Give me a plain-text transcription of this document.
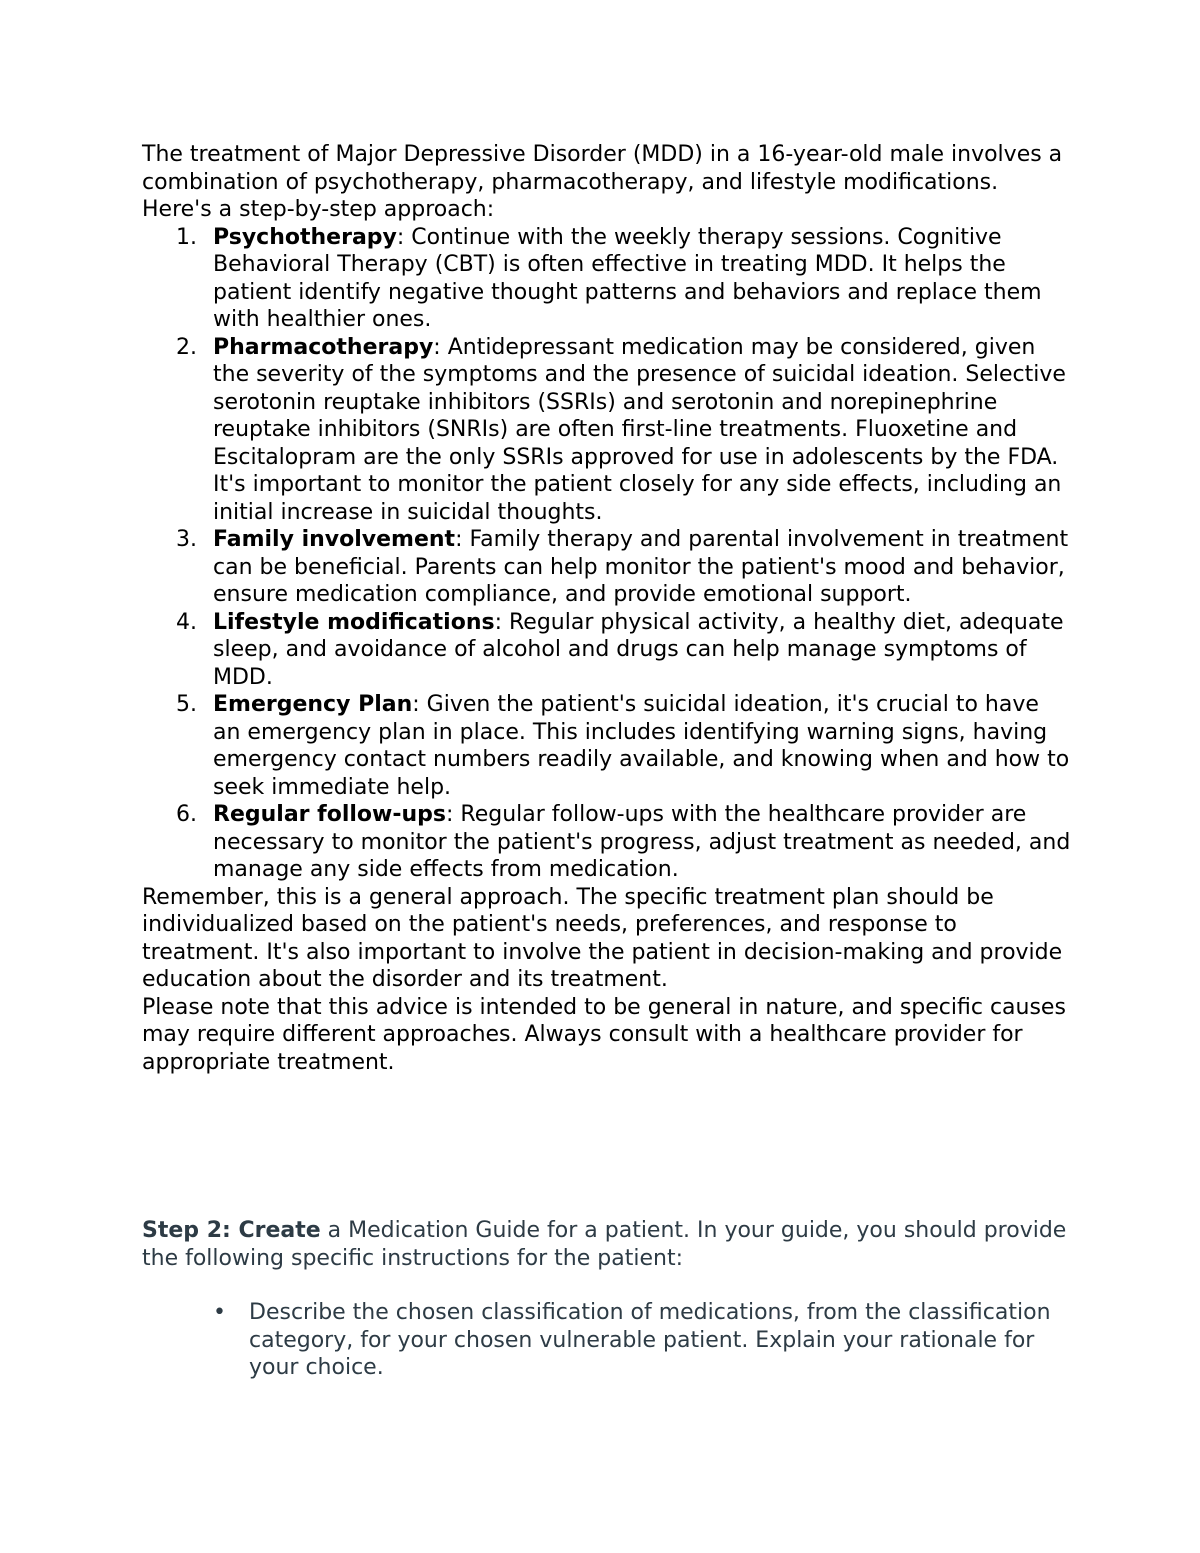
The treatment of Major Depressive Disorder (MDD) in a 16-year-old male involves a combination of psychotherapy, pharmacotherapy, and lifestyle modifications. Here's a step-by-step approach:

1. Psychotherapy: Continue with the weekly therapy sessions. Cognitive Behavioral Therapy (CBT) is often effective in treating MDD. It helps the patient identify negative thought patterns and behaviors and replace them with healthier ones.
2. Pharmacotherapy: Antidepressant medication may be considered, given the severity of the symptoms and the presence of suicidal ideation. Selective serotonin reuptake inhibitors (SSRIs) and serotonin and norepinephrine reuptake inhibitors (SNRIs) are often first-line treatments. Fluoxetine and Escitalopram are the only SSRIs approved for use in adolescents by the FDA. It's important to monitor the patient closely for any side effects, including an initial increase in suicidal thoughts.
3. Family involvement: Family therapy and parental involvement in treatment can be beneficial. Parents can help monitor the patient's mood and behavior, ensure medication compliance, and provide emotional support.
4. Lifestyle modifications: Regular physical activity, a healthy diet, adequate sleep, and avoidance of alcohol and drugs can help manage symptoms of MDD.
5. Emergency Plan: Given the patient's suicidal ideation, it's crucial to have an emergency plan in place. This includes identifying warning signs, having emergency contact numbers readily available, and knowing when and how to seek immediate help.
6. Regular follow-ups: Regular follow-ups with the healthcare provider are necessary to monitor the patient's progress, adjust treatment as needed, and manage any side effects from medication.

Remember, this is a general approach. The specific treatment plan should be individualized based on the patient's needs, preferences, and response to treatment. It's also important to involve the patient in decision-making and provide education about the disorder and its treatment.

Please note that this advice is intended to be general in nature, and specific causes may require different approaches. Always consult with a healthcare provider for appropriate treatment.

Step 2: Create a Medication Guide for a patient. In your guide, you should provide the following specific instructions for the patient:

• Describe the chosen classification of medications, from the classification category, for your chosen vulnerable patient. Explain your rationale for your choice.
